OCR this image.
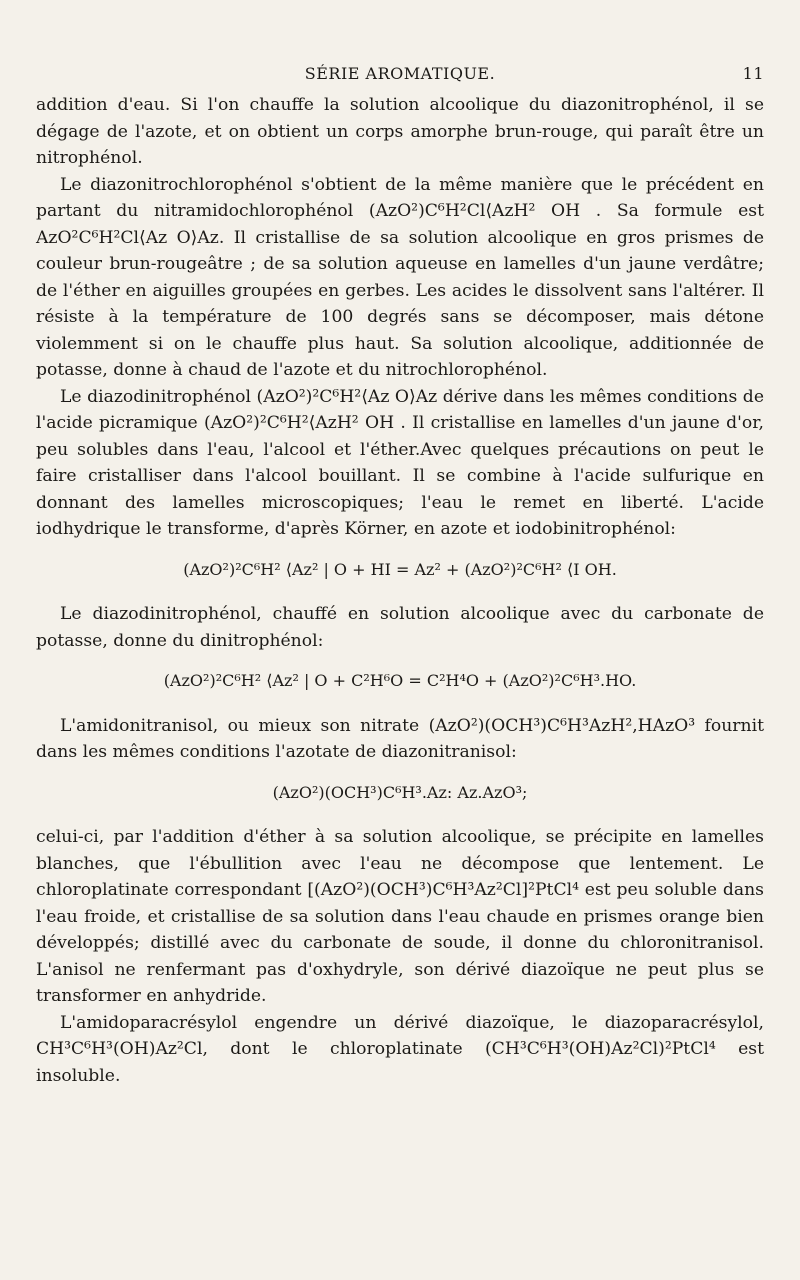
SÉRIE AROMATIQUE.	11

addition d'eau. Si l'on chauffe la solution alcoolique du diazonitrophénol, il se dégage de l'azote, et on obtient un corps amorphe brun-rouge, qui paraît être un nitrophénol.

Le diazonitrochlorophénol s'obtient de la même manière que le précédent en partant du nitramidochlorophénol (AzO²)C⁶H²Cl⟨AzH² OH . Sa formule est AzO²C⁶H²Cl⟨Az O⟩Az. Il cristallise de sa solution alcoolique en gros prismes de couleur brun-rougeâtre ; de sa solution aqueuse en lamelles d'un jaune verdâtre; de l'éther en aiguilles groupées en gerbes. Les acides le dissolvent sans l'altérer. Il résiste à la température de 100 degrés sans se décomposer, mais détone violemment si on le chauffe plus haut. Sa solution alcoolique, additionnée de potasse, donne à chaud de l'azote et du nitrochlorophénol.

Le diazodinitrophénol (AzO²)²C⁶H²⟨Az O⟩Az dérive dans les mêmes conditions de l'acide picramique (AzO²)²C⁶H²⟨AzH² OH . Il cristallise en lamelles d'un jaune d'or, peu solubles dans l'eau, l'alcool et l'éther.Avec quelques précautions on peut le faire cristalliser dans l'alcool bouillant. Il se combine à l'acide sulfurique en donnant des lamelles microscopiques; l'eau le remet en liberté. L'acide iodhydrique le transforme, d'après Körner, en azote et iodobinitrophénol:

(AzO²)²C⁶H² ⟨Az² | O + HI = Az² + (AzO²)²C⁶H² ⟨I OH.

Le diazodinitrophénol, chauffé en solution alcoolique avec du carbonate de potasse, donne du dinitrophénol:

(AzO²)²C⁶H² ⟨Az² | O + C²H⁶O = C²H⁴O + (AzO²)²C⁶H³.HO.

L'amidonitranisol, ou mieux son nitrate (AzO²)(OCH³)C⁶H³AzH²,HAzO³ fournit dans les mêmes conditions l'azotate de diazonitranisol:

(AzO²)(OCH³)C⁶H³.Az: Az.AzO³;

celui-ci, par l'addition d'éther à sa solution alcoolique, se précipite en lamelles blanches, que l'ébullition avec l'eau ne décompose que lentement. Le chloroplatinate correspondant [(AzO²)(OCH³)C⁶H³Az²Cl]²PtCl⁴ est peu soluble dans l'eau froide, et cristallise de sa solution dans l'eau chaude en prismes orange bien développés; distillé avec du carbonate de soude, il donne du chloronitranisol. L'anisol ne renfermant pas d'oxhydryle, son dérivé diazoïque ne peut plus se transformer en anhydride.

L'amidoparacrésylol engendre un dérivé diazoïque, le diazoparacrésylol, CH³C⁶H³(OH)Az²Cl, dont le chloroplatinate (CH³C⁶H³(OH)Az²Cl)²PtCl⁴ est insoluble.
